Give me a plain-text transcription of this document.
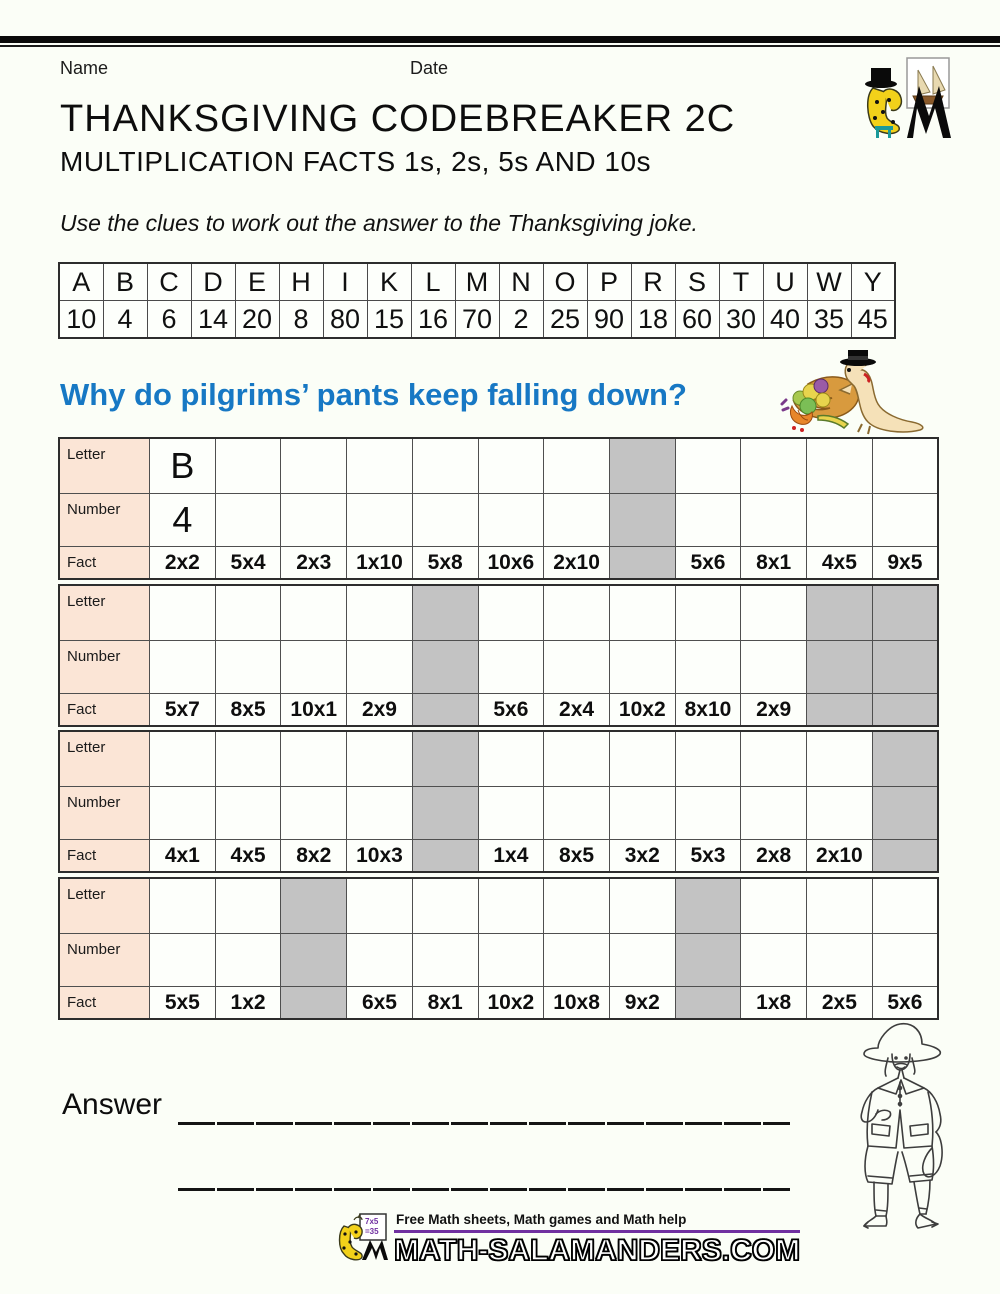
Name	Date
THANKSGIVING CODEBREAKER 2C
MULTIPLICATION FACTS 1s, 2s, 5s AND 10s
Use the clues to work out the answer to the Thanksgiving joke.
A	B	C	D	E	H	I	K	L	M	N	O	P	R	S	T	U	W	Y
10	4	6	14	20	8	80	15	16	70	2	25	90	18	60	30	40	35	45
Why do pilgrims’ pants keep falling down?
Letter	B											
Number	4											
Fact	2x2	5x4	2x3	1x10	5x8	10x6	2x10		5x6	8x1	4x5	9x5
Letter												
Number												
Fact	5x7	8x5	10x1	2x9		5x6	2x4	10x2	8x10	2x9		
Letter												
Number												
Fact	4x1	4x5	8x2	10x3		1x4	8x5	3x2	5x3	2x8	2x10	
Letter												
Number												
Fact	5x5	1x2		6x5	8x1	10x2	10x8	9x2		1x8	2x5	5x6
Answer
7x5
=35
Free Math sheets, Math games and Math help
MATH-SALAMANDERS.COM
